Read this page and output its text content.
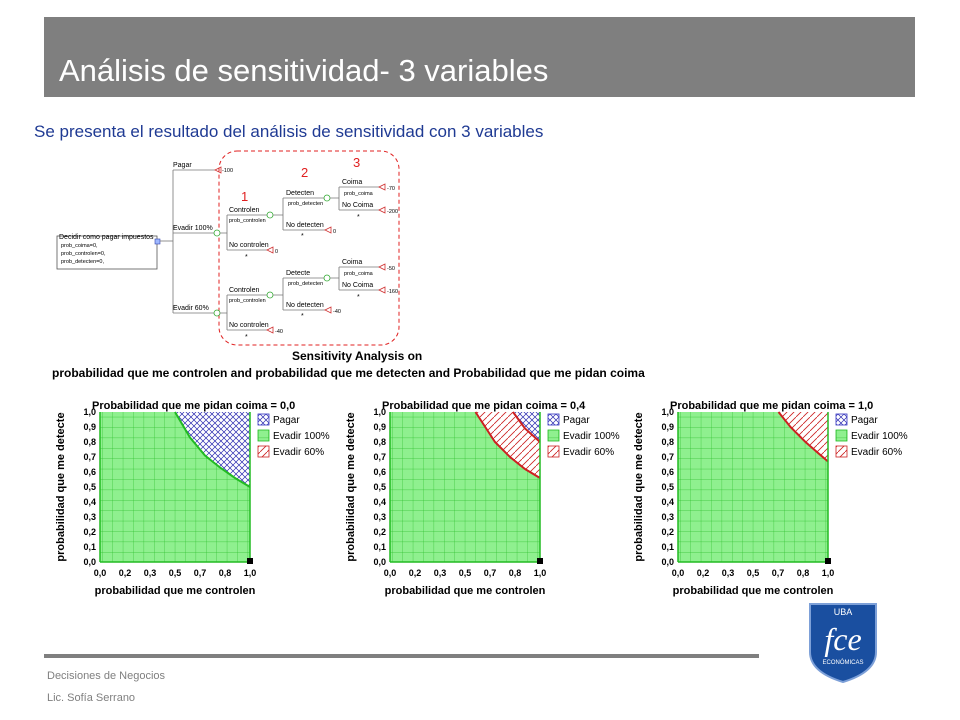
Análisis de sensitividad- 3 variables
Se presenta el resultado del análisis de sensitividad con 3 variables
1
2
3
Decidir como pagar impuestos
prob_coima=0,
prob_controlen=0,
prob_detecten=0,
Pagar
-100
Evadir 100%
Controlen
prob_controlen
No controlen
*
0
Detecten
prob_detecten
No detecten
*
0
Coima
prob_coima
-70
No Coima
*
-200
Evadir 60%
Controlen
prob_controlen
No controlen
*
-40
Detecte
prob_detecten
No detecten
*
-40
Coima
prob_coima
-50
No Coima
*
-160
Sensitivity Analysis on
probabilidad que me controlen and probabilidad que me detecten and Probabilidad que me pidan coima
Probabilidad que me pidan coima = 0,0
1,0
0,9
0,8
0,7
0,6
0,5
0,4
0,3
0,2
0,1
0,0
0,0 0,2 0,3 0,5 0,7 0,8 1,0
probabilidad que me controlen
probabilidad que me detecte	Pagar
Evadir 100%
Evadir 60%
Probabilidad que me pidan coima = 0,4
1,0
0,9
0,8
0,7
0,6
0,5
0,4
0,3
0,2
0,1
0,0
0,0 0,2 0,3 0,5 0,7 0,8 1,0
probabilidad que me controlen
probabilidad que me detecte	Pagar
Evadir 100%
Evadir 60%
Probabilidad que me pidan coima = 1,0
1,0
0,9
0,8
0,7
0,6
0,5
0,4
0,3
0,2
0,1
0,0
0,0 0,2 0,3 0,5 0,7 0,8 1,0
probabilidad que me controlen
probabilidad que me detecte	Pagar
Evadir 100%
Evadir 60%
Decisiones de Negocios
Lic. Sofía Serrano
UBA
fce
ECONÓMICAS
